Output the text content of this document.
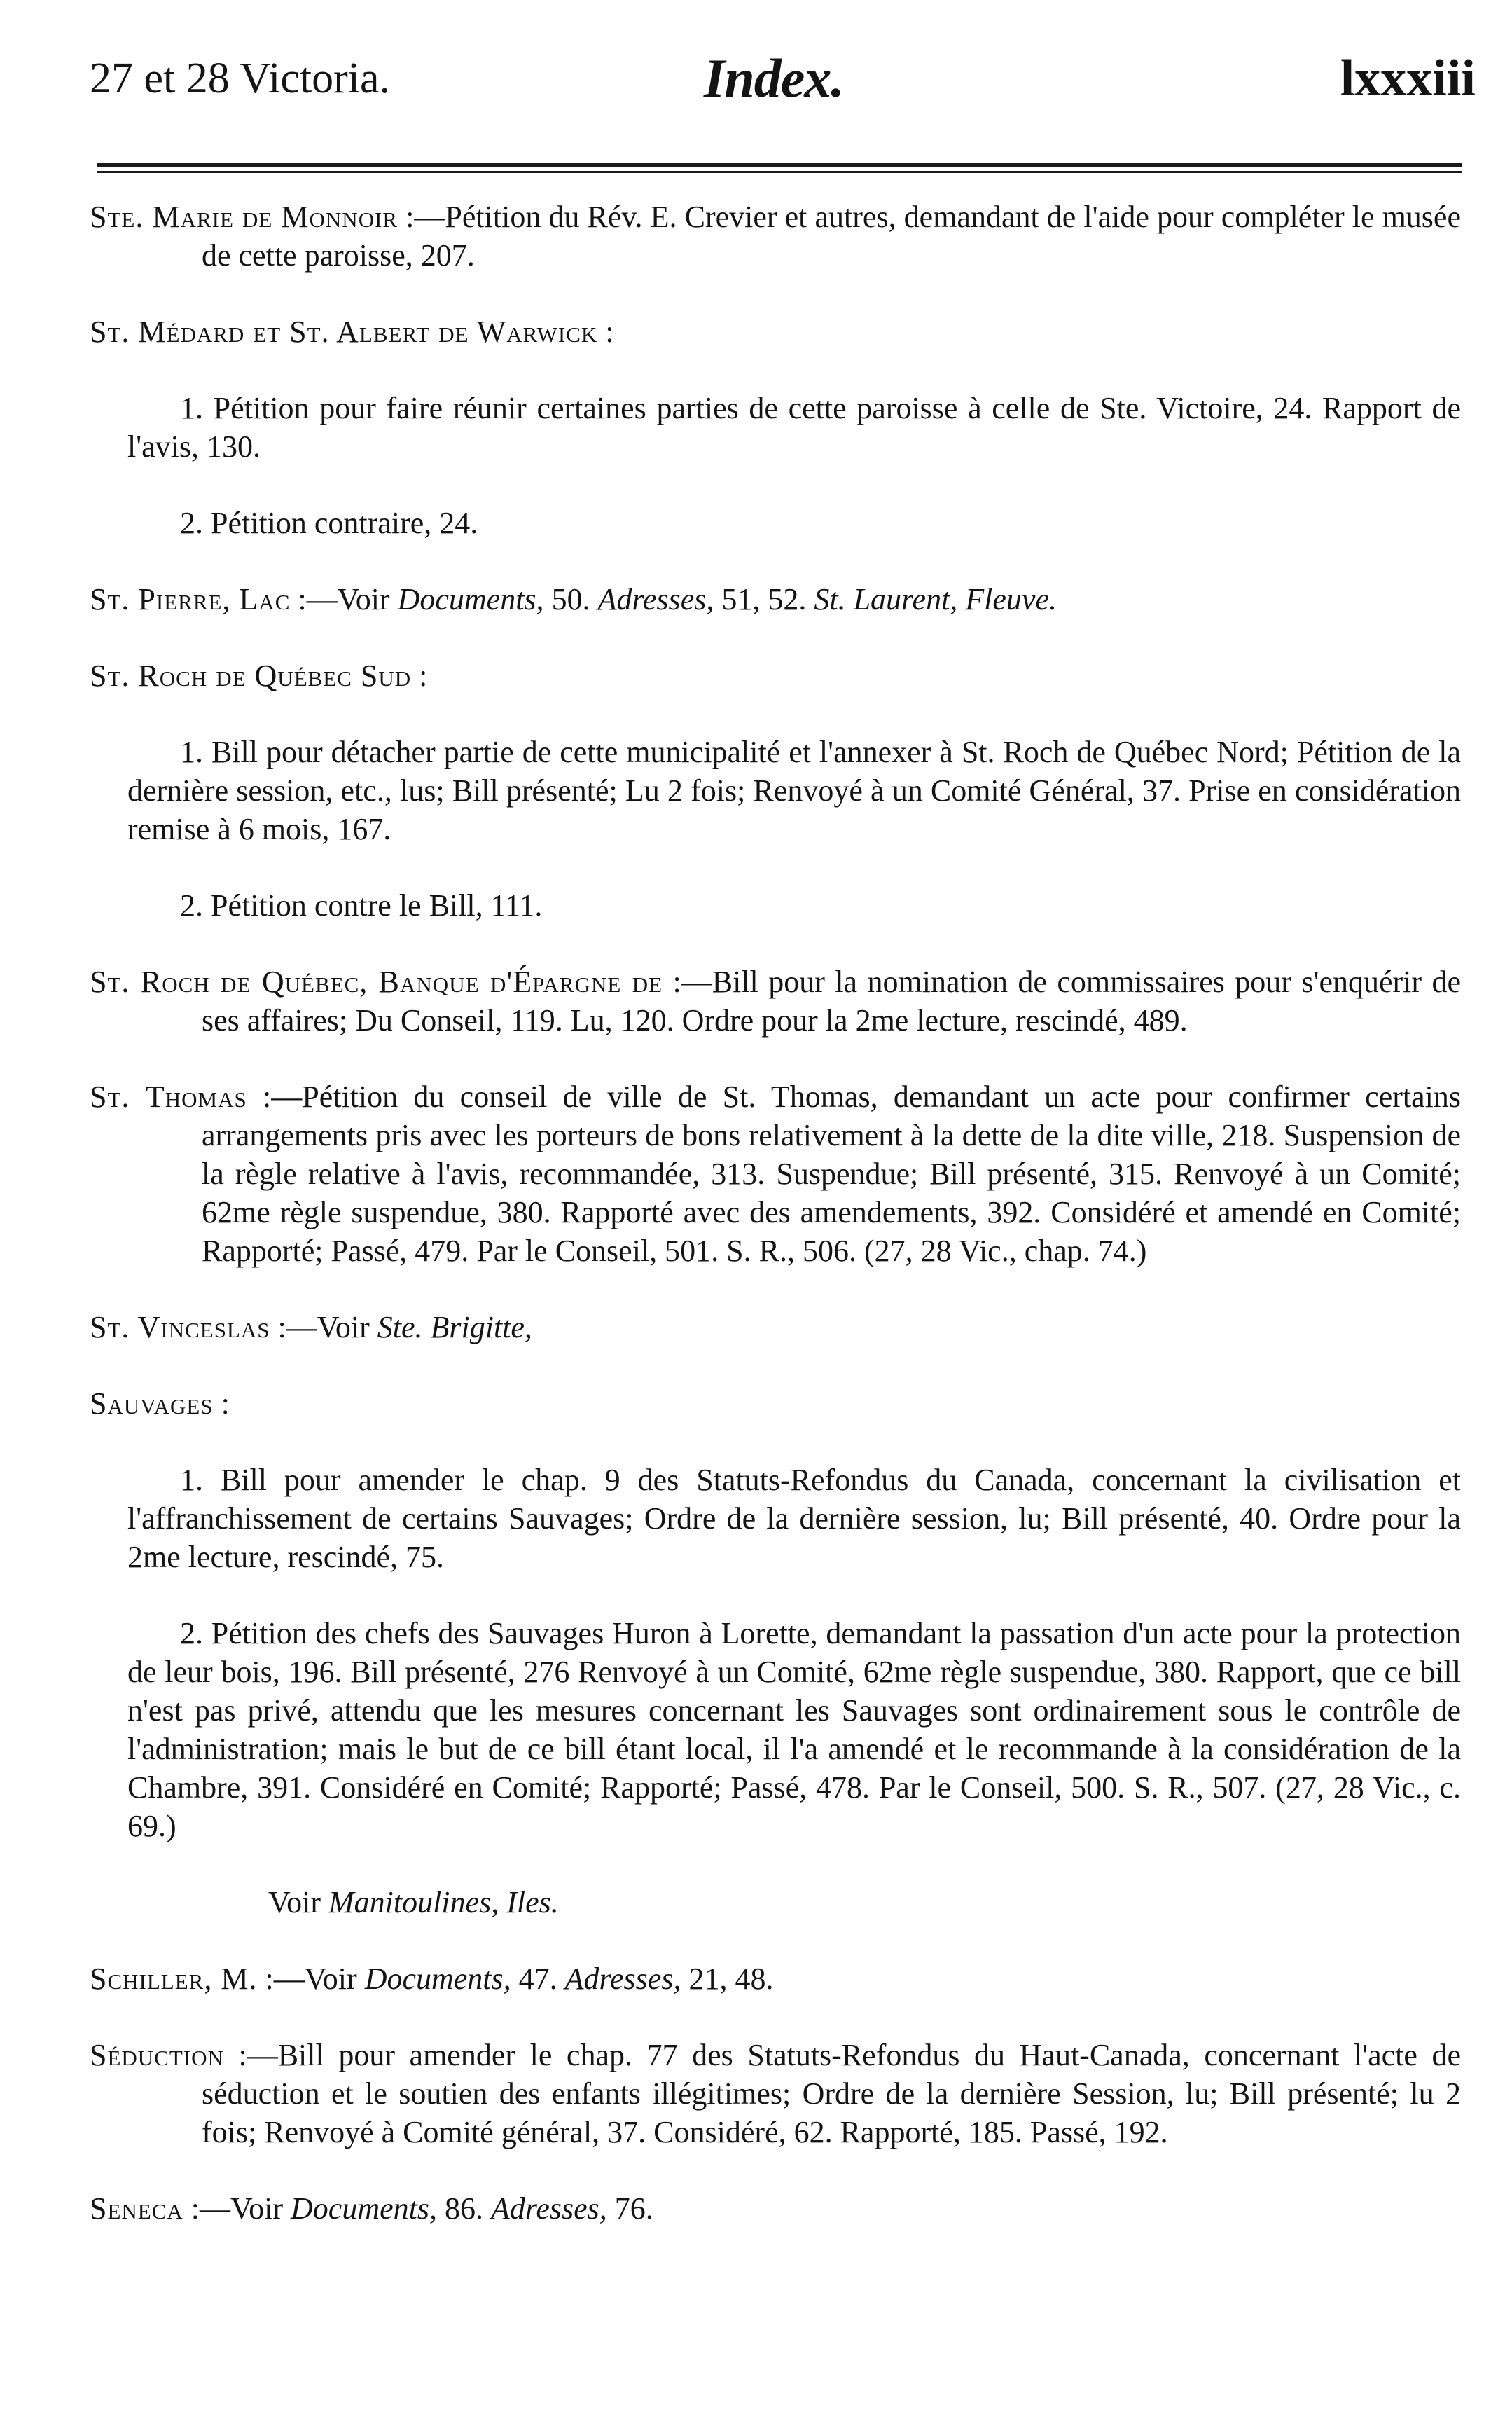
27 et 28 Victoria.	Index.	lxxxiii

Ste. Marie de Monnoir :—Pétition du Rév. E. Crevier et autres, demandant de l'aide pour compléter le musée de cette paroisse, 207.

St. Médard et St. Albert de Warwick :

1. Pétition pour faire réunir certaines parties de cette paroisse à celle de Ste. Victoire, 24. Rapport de l'avis, 130.

2. Pétition contraire, 24.

St. Pierre, Lac :—Voir Documents, 50. Adresses, 51, 52. St. Laurent, Fleuve.

St. Roch de Québec Sud :

1. Bill pour détacher partie de cette municipalité et l'annexer à St. Roch de Québec Nord; Pétition de la dernière session, etc., lus; Bill présenté; Lu 2 fois; Renvoyé à un Comité Général, 37. Prise en considération remise à 6 mois, 167.

2. Pétition contre le Bill, 111.

St. Roch de Québec, Banque d'Épargne de :—Bill pour la nomination de commissaires pour s'enquérir de ses affaires; Du Conseil, 119. Lu, 120. Ordre pour la 2me lecture, rescindé, 489.

St. Thomas :—Pétition du conseil de ville de St. Thomas, demandant un acte pour confirmer certains arrangements pris avec les porteurs de bons relativement à la dette de la dite ville, 218. Suspension de la règle relative à l'avis, recommandée, 313. Suspendue; Bill présenté, 315. Renvoyé à un Comité; 62me règle suspendue, 380. Rapporté avec des amendements, 392. Considéré et amendé en Comité; Rapporté; Passé, 479. Par le Conseil, 501. S. R., 506. (27, 28 Vic., chap. 74.)

St. Vinceslas :—Voir Ste. Brigitte,

Sauvages :

1. Bill pour amender le chap. 9 des Statuts-Refondus du Canada, concernant la civilisation et l'affranchissement de certains Sauvages; Ordre de la dernière session, lu; Bill présenté, 40. Ordre pour la 2me lecture, rescindé, 75.

2. Pétition des chefs des Sauvages Huron à Lorette, demandant la passation d'un acte pour la protection de leur bois, 196. Bill présenté, 276 Renvoyé à un Comité, 62me règle suspendue, 380. Rapport, que ce bill n'est pas privé, attendu que les mesures concernant les Sauvages sont ordinairement sous le contrôle de l'administration; mais le but de ce bill étant local, il l'a amendé et le recommande à la considération de la Chambre, 391. Considéré en Comité; Rapporté; Passé, 478. Par le Conseil, 500. S. R., 507. (27, 28 Vic., c. 69.)

Voir Manitoulines, Iles.

Schiller, M. :—Voir Documents, 47. Adresses, 21, 48.

Séduction :—Bill pour amender le chap. 77 des Statuts-Refondus du Haut-Canada, concernant l'acte de séduction et le soutien des enfants illégitimes; Ordre de la dernière Session, lu; Bill présenté; lu 2 fois; Renvoyé à Comité général, 37. Considéré, 62. Rapporté, 185. Passé, 192.

Seneca :—Voir Documents, 86. Adresses, 76.
